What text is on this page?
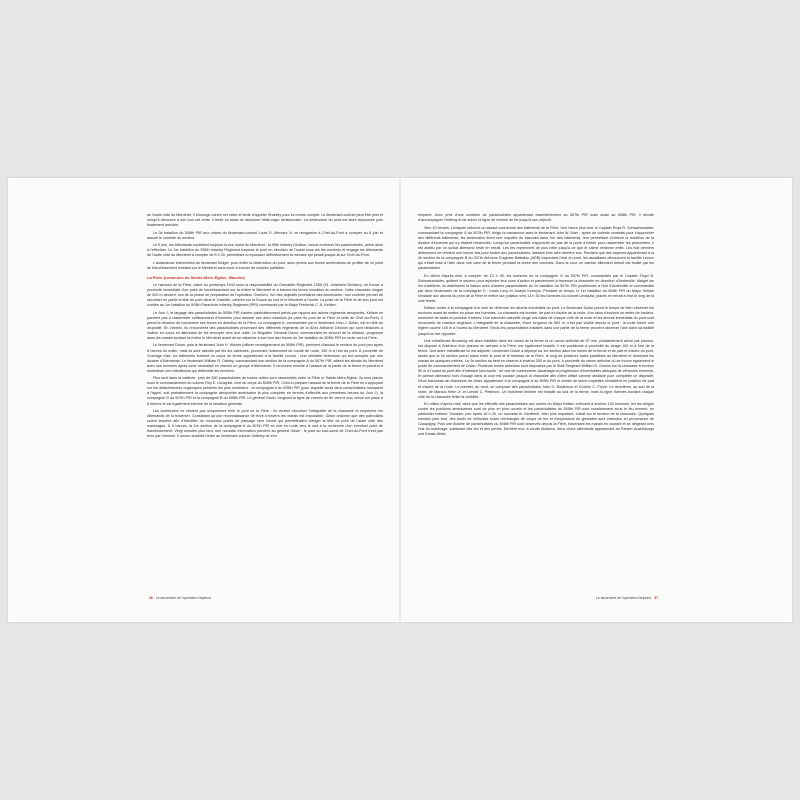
de l'autre côté du Merderet, il s'insurge contre cet ordre et tente d'appeler Shanley pour lui rendre compte. Le lieutenant-colonel peut être joint et lorsqu'il découvre à son tour cet ordre, il tente lui aussi de raisonner l'état-major divisionnaire. La destruction du pont est alors repoussée puis finalement annulée.

Le 3e bataillon du 508th PIR aux ordres du lieutenant-colonel Louis G. Mendez Jr. se réorganise à Chef-du-Pont à compter du 8 juin et assure le contrôle du secteur.

Le 9 juin, les Allemands contrôlent toujours la rive ouest du Merderet : la 90th Infantry Division, venue renforcer les parachutistes, peine alors à l'effectuer. Le 1er bataillon du 358th Infantry Regiment traverse le pont en direction de l'ouest sous les tirs ennemis et engage les Allemands de l'autre côté du Merderet à compter de 5 h 30, permettant à repousser définitivement la menace qui pesait jusque-là sur Chef-du-Pont.

L'audacieuse intervention du lieutenant Bolger, pour éviter la destruction du pont, aura permis aux forces américaines de profiter de ce point de franchissement existant sur le Merderet sans avoir à trouver de solution palliative.

La Fière (commune de Sainte-Mère-Église, Manche)

Le hameau de la Fière, placé au printemps 1944 sous la responsabilité du Grenadier-Regiment 1058 (91. Infanterie-Division), se trouve à proximité immédiate d'un point de franchissement sur la rivière le Merderet et à travers les terres inondées du secteur. Cette chaussée longue de 500 m devient, lors de la phase de préparation de l'opération Overlord, l'un des objectifs prioritaires des Américains : son contrôle permet de sécuriser en partie la tête de pont dans le Cotentin, centrée sur la Douve au sud et le Merderet à l'ouest. La prise de la Fière et de son pont est confiée au 1er bataillon du 505th Parachute Infantry Regiment (PIR) commandé par le Major Frederick C. A. Kellam.

Le Jour J, le largage des parachutistes du 505th PIR s'avère particulièrement précis par rapport aux autres régiments aéroportés. Kellam ne parvient pas à rassembler suffisamment d'hommes pour assurer ses deux missions (la prise du pont de la Fière et celle de Chef-du-Pont). Il prend la décision de concentrer ses forces en direction de la Fière. La compagnie A, commandée par le lieutenant John J. Dolan, est en tête du dispositif. En chemin, ils rencontrent des parachutistes provenant des différents régiments de la 82nd Airborne Division qui sont rattachés à l'action en cours en attendant de les renvoyer vers leur unité. Le Brigadier General Gavin, commandant en second de la division, progresse dans les marais bordant la rivière le Merderet avant de se rattacher à son tour aux forces du 1er bataillon du 505th PIR en route vers la Fière.

Le lieutenant Dolan, puis le lieutenant John H. Wisner (officier renseignement du 505th PIR), prennent d'assaut le secteur du pont peu après 6 heures du matin, mais ils sont ralentis par les tirs adverses, provenant notamment du coude de route, 150 m à l'est du pont. À proximité de l'ouvrage d'art, six bâtiments forment un corps de ferme appartenant à la famille Leroux ; une véritable forteresse qui est occupée par une dizaine d'Allemands. Le lieutenant William R. Oakley, commandant une section de la compagnie A du 507th PIR, atteint les abords du Merderet avec ses hommes après avoir neutralisé en chemin un groupe d'Allemands. Il rencontre ensuite à l'assaut de la partie de la ferme et parvient à neutraliser une mitrailleuse qui défendait les environs.

Plus tard dans la matinée, près de 550 parachutistes de toutes unités sont rassemblés entre la Fière et Sainte-Mère-Église. Ils sont placés sous le commandement du colonel Roy E. Lindquist, chef du corps du 508th PIR. Celui-ci prépare l'assaut de la ferme de la Fière en s'appuyant sur les détachements organiques présents les plus nombreux : la compagnie A du 505th PIR (pour laquelle seuls deux parachutistes manquent à l'appel, soit probablement la compagnie aéroportée américaine la plus complète en termes d'effectifs aux premières heures du Jour J), la compagnie G du 507th PIR et la compagnie B du 508th PIR. Le général Gavin, longeant la ligne de chemin de fer vers le sud, arrive sur place à 8 heures et est également informé de la situation générale.

Les Américains ne veulent pas uniquement tenir le pont de la Fière : ils veulent sécuriser l'intégralité de la chaussée et empêcher les Allemands de la traverser. Constatant qu'une reconnaissance de front à travers les marais est impossible, Gavin ordonne que des patrouilles soient lancées afin d'identifier de nouveaux points de passage vers l'ouest qui permettraient d'ériger la tête de pont de l'autre côté des marécages. À 9 heures, la 1re section de la compagnie A du 507th PIR se met en route vers le sud à la recherche d'un éventuel point de franchissement. Vingt minutes plus tard, une nouvelle information parvient au général Gavin : le pont au sud-ouest de Chef-du-Pont n'est pas tenu par l'ennemi. Il donne aussitôt l'ordre au lieutenant-colonel Ostberg de s'en

emparer. Avec près d'une centaine de parachutistes appartenant essentiellement au 507th PIR mais aussi au 508th PIR, il décide d'accompagner Ostberg et de suivre la ligne de chemin de fer jusqu'à son objectif.

Vers 10 heures, Lindquist ordonne un assaut coordonné des bâtiments de la Fière. Une heure plus tard, le Captain Royd R. Schwartzwalder, commandant la compagnie G du 507th PIR, dirige la manœuvre avec le lieutenant John W. Marr ; après de violents combats pour s'approcher des différents bâtiments, les Américains tirent une roquette de bazooka dans l'un des bâtiments, leur permettant d'obtenir la reddition de la dizaine d'ennemis qui s'y étaient retranchés. Lorsqu'un parachutiste s'approche du pas de la porte d'entrée pour rassembler les prisonniers, il est abattu par un soldat allemand resté en retrait. Les tirs reprennent de plus belle jusqu'à ce que le calme revienne enfin. Les huit derniers défenseurs se rendent une bonne fois pour toutes aux parachutistes, laissant trois tués derrière eux. Pendant que des sapeurs appartenant à la 3e section de la compagnie B du 307th Airborne Engineer Battalion (AEB) inspectent l'état du pont, les assaillants découvrent la famille Leroux qui s'était mise à l'abri dans une cave de la ferme pendant la durée des combats. Dans la cour, un camion allemand détruit est fouillé par les parachutistes.

En début d'après-midi, à compter de 13 h 45, les hommes de la compagnie G du 507th PIR, commandés par le Captain Floyd B. Schwartzwalder, quittent le secteur pour rejoindre leur zone d'action et parviennent à traverser la chaussée en direction d'Amfreville. Malgré les tirs d'artillerie, ils établissent la liaison avec d'autres parachutistes du 2e bataillon du 507th PIR positionnés à l'est d'Amfreville et commandés par deux lieutenants de la compagnie D : Lewis Levy et Joseph Kormylo. Pendant ce temps, le 1er bataillon du 505th PIR du Major Kellam s'installe aux abords du pont de la Fière et relève sur position vers 14 h 30 les hommes du colonel Lindquist, placés en retrait à l'est le long de la voie ferrée.

Kellam confie à la compagnie A le soin de défendre les abords immédiats du pont. Le lieutenant Dolan prend le temps de bien observer les environs avant de mettre en place ses hommes. La chaussée est bordée, de part et d'autre de la route, d'un talus d'environ un mètre de hauteur, surmonté de haies et ponctué d'arbres. Une tranchée naturelle longe ces haies de chaque côté de la route et les abords immédiats du pont sont recouverts de roseaux végétaux. L'intégralité de la chaussée, d'une longueur de 500 m, n'est pas visible depuis le pont : la route forme une légère courbe 100 m à l'ouest du Merderet. Seuls les parachutistes installés dans une partie de la ferme peuvent observer l'axe dans sa totalité jusqu'à la rive opposée.

Une mitrailleuse Browning est alors installée dans les ruines de la ferme et un canon antichar de 57 mm, préalablement arrivé par planeur, est disposé à l'intérieur d'un planeur en arrivant à la Fière, est également installé. Il est positionné à proximité du virage 100 m à l'est de la ferme. Une autre mitrailleuse lui est adjointe. Lieutenant Dolan a déployé sa 1re section dans les ruines de la ferme et de part et d'autre du pont, tandis que la 3e section prend place entre le pont et le hameau de la Fière, le long de plusieurs haies parallèles au Merderet et dominant les marais de quelques mètres. La 2e section se tient en réserve à environ 300 m du pont, à proximité du canon antichar où se trouve également le poste de commandement de Dolan. Plusieurs mines antichars sont disposées par le Staff Sergeant William D. Owens sur la chaussée à environ 50 m à l'ouest du pont afin d'interdire tout accès : en vue de contrecarrer davantage la progression d'éventuelles attaques de véhicules ennemis, le camion allemand hors d'usage dans la cour est poussé jusqu'à la chaussée afin d'être utilisé comme obstacle pour compléter ce dispositif. Deux bazookas de chasseurs de chars appartenant à la compagnie A du 505th PIR et armés de lance-roquettes s'installent en position de part et d'autre de la route. Le premier, au nord, se compose des parachutistes John D. Bolderson et Gordon C. Pryne. Le deuxième, au sud de la route, de Marcus Heim Jr. et Lenold C. Peterson. Un troisième binôme est installé au sud de la ferme, mais la ligne d'arbres bordant chaque côté de la chaussée limite la visibilité.

En milieu d'après-midi, alors que les effectifs des parachutistes aux ordres du Major Kellam s'élèvent à environ 140 hommes, les tirs dirigés contre les positions américaines sont de plus en plus nourris et les parachutistes du 505th PIR sont constamment sous le feu ennemi, en particulier indirect. Soudain, peu après 16 h 30, un nouveau tir d'artillerie, bien plus important, s'abat sur le secteur de la chaussée. Quelques minutes plus tard, des bruits de véhicules suivis d'échanges de coups de feu et d'explosions de grenades sont entendus en provenance de Cauquigny. Puis une dizaine de parachutistes du 508th PIR sont observés depuis la Fière, traversant les marais en courant et se dirigeant vers l'est du marécage, subissant des tirs et des pertes. Derrière eux, à courte distance, deux chars allemands appartenant au Panzer-Ausbildungs und Ersatz-Abtei-

36 Le lancement de l'opération Neptune	Le lancement de l'opération Neptune 37
